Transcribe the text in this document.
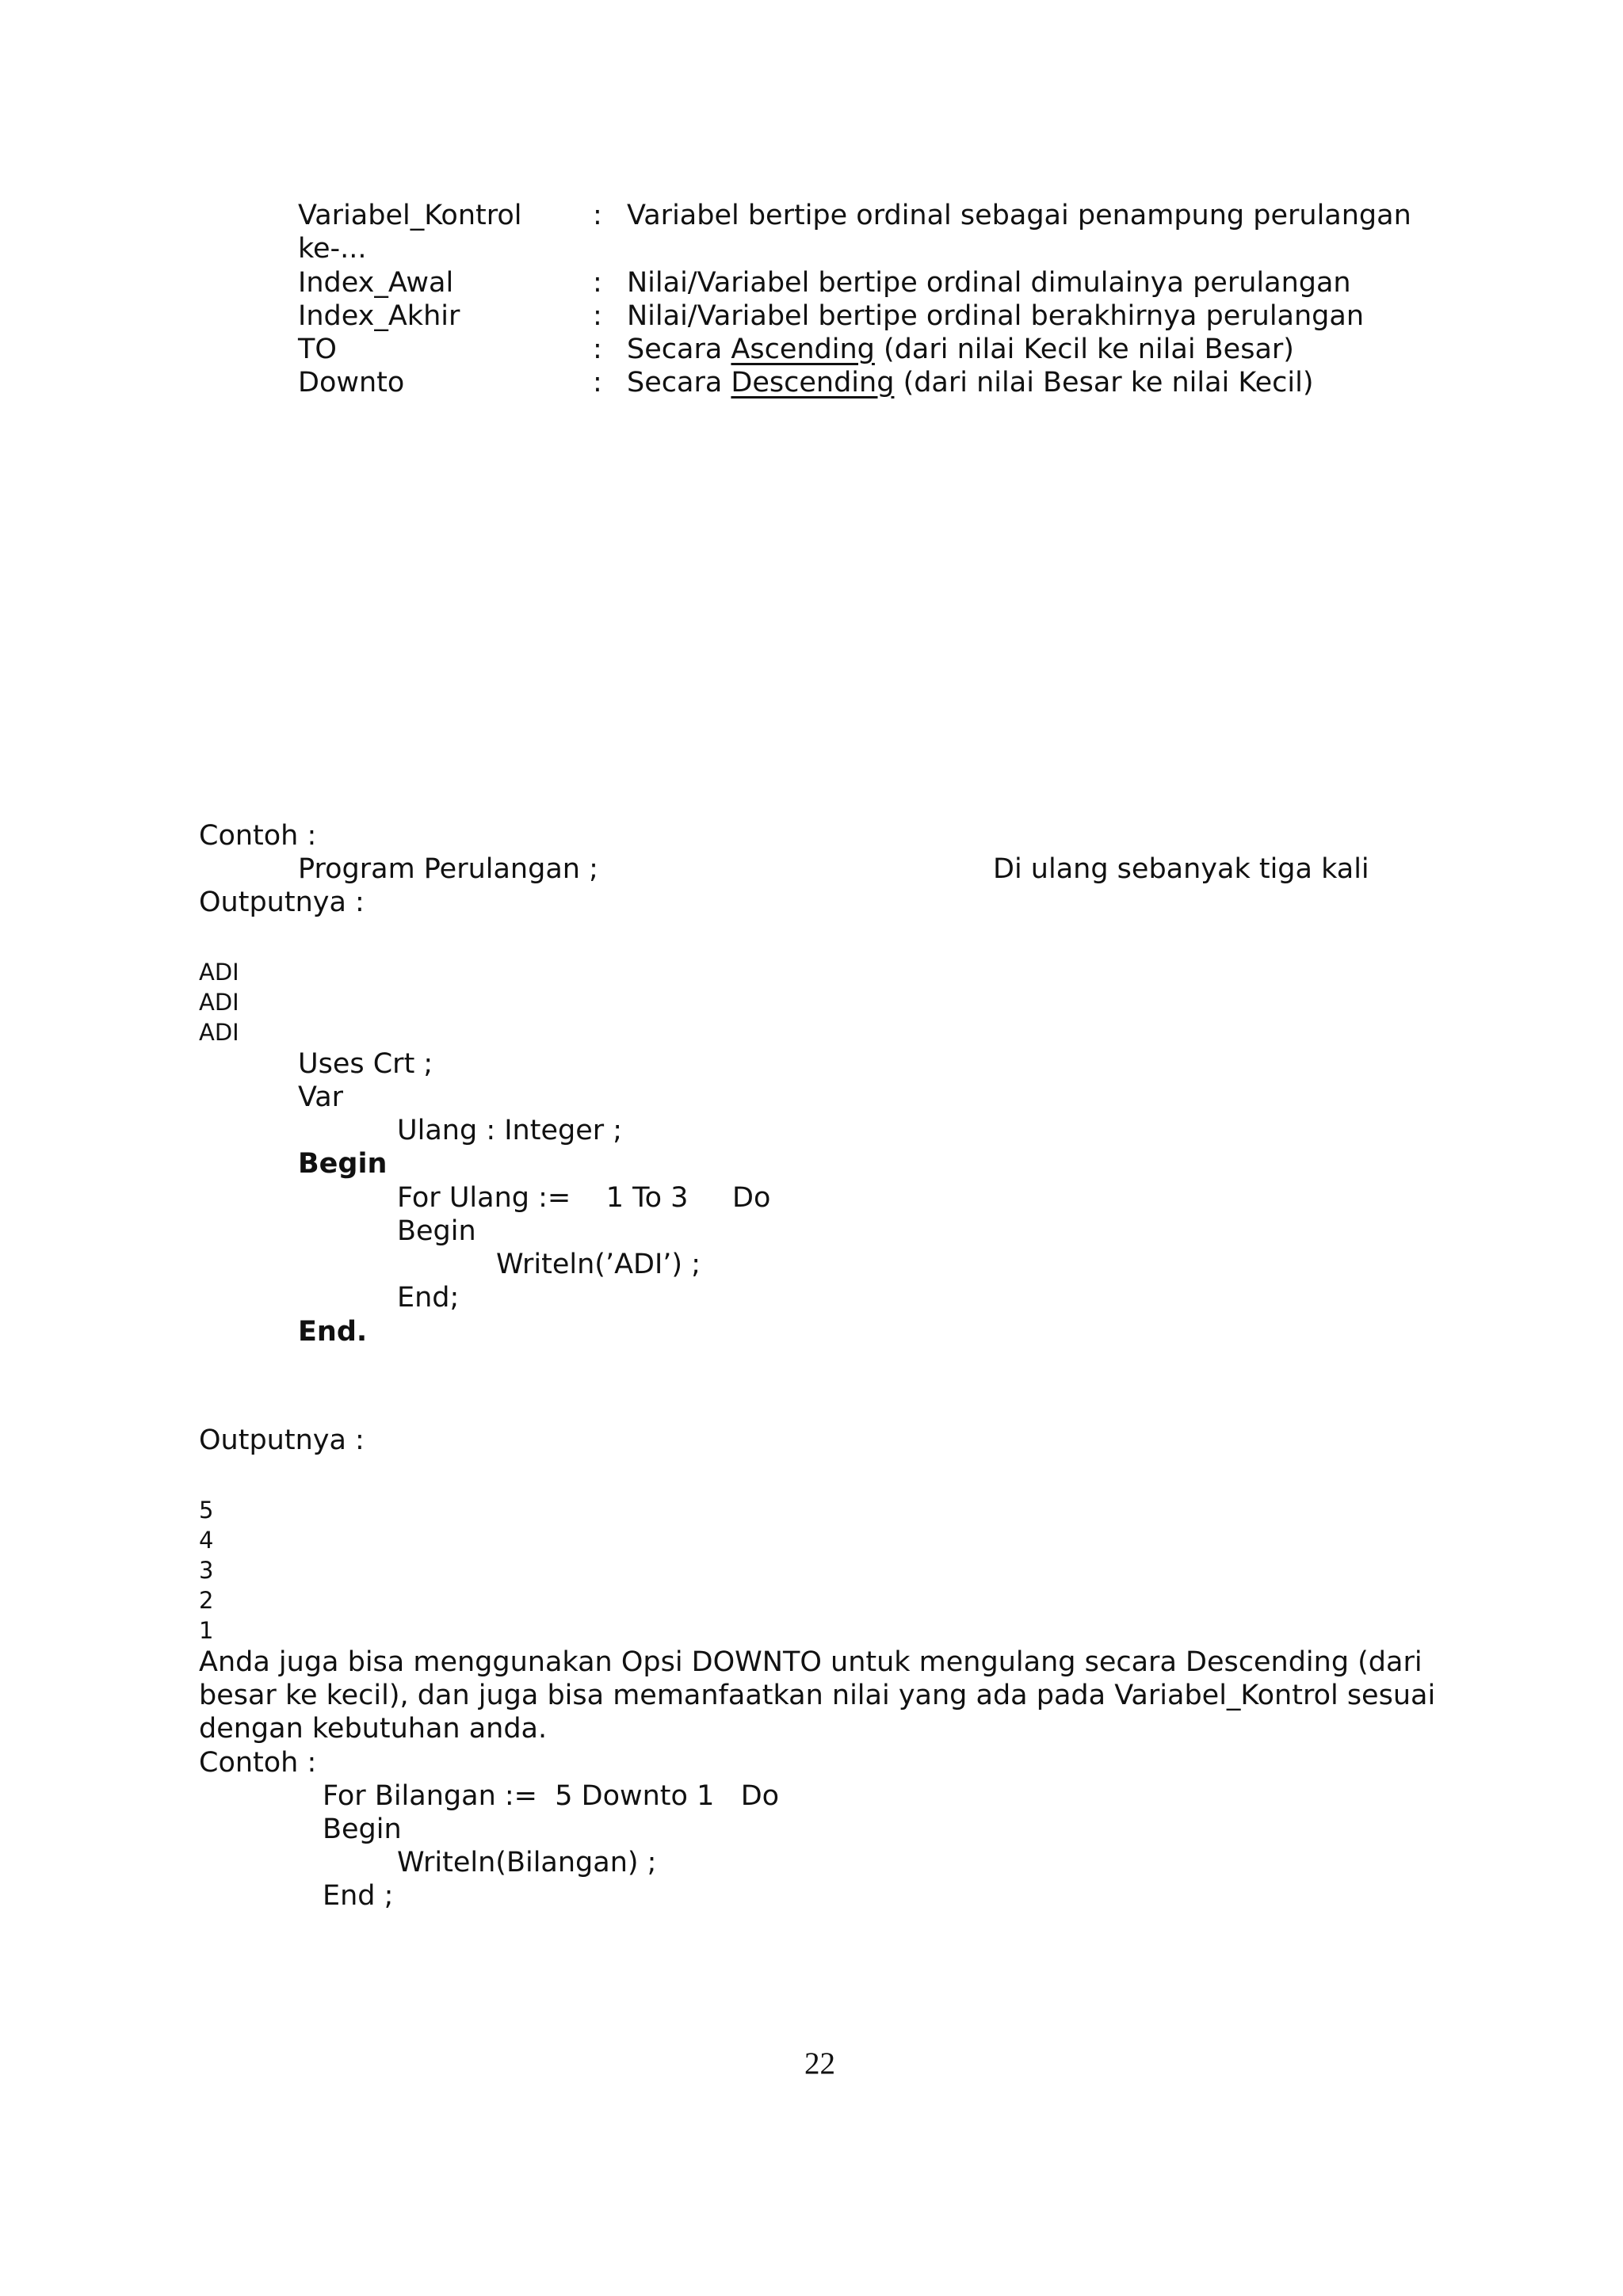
Variabel_Kontrol	: Variabel bertipe ordinal sebagai penampung perulangan

ke-...

Index_Awal	: Nilai/Variabel bertipe ordinal dimulainya perulangan

Index_Akhir	: Nilai/Variabel bertipe ordinal berakhirnya perulangan

TO	: Secara Ascending (dari nilai Kecil ke nilai Besar)

Downto	: Secara Descending (dari nilai Besar ke nilai Kecil)

Contoh :

Program Perulangan ;	Di ulang sebanyak tiga kali

Outputnya :

ADI

ADI

ADI

Uses Crt ;

Var

Ulang : Integer ;

Begin

For Ulang :=    1 To 3     Do

Begin

Writeln(’ADI’) ;

End;

End.

Outputnya :

5

4

3

2

1

Anda juga bisa menggunakan Opsi DOWNTO untuk mengulang secara Descending (dari

besar ke kecil), dan juga bisa memanfaatkan nilai yang ada pada Variabel_Kontrol sesuai

dengan kebutuhan anda.

Contoh :

For Bilangan :=  5 Downto 1   Do

Begin

Writeln(Bilangan) ;

End ;

22
